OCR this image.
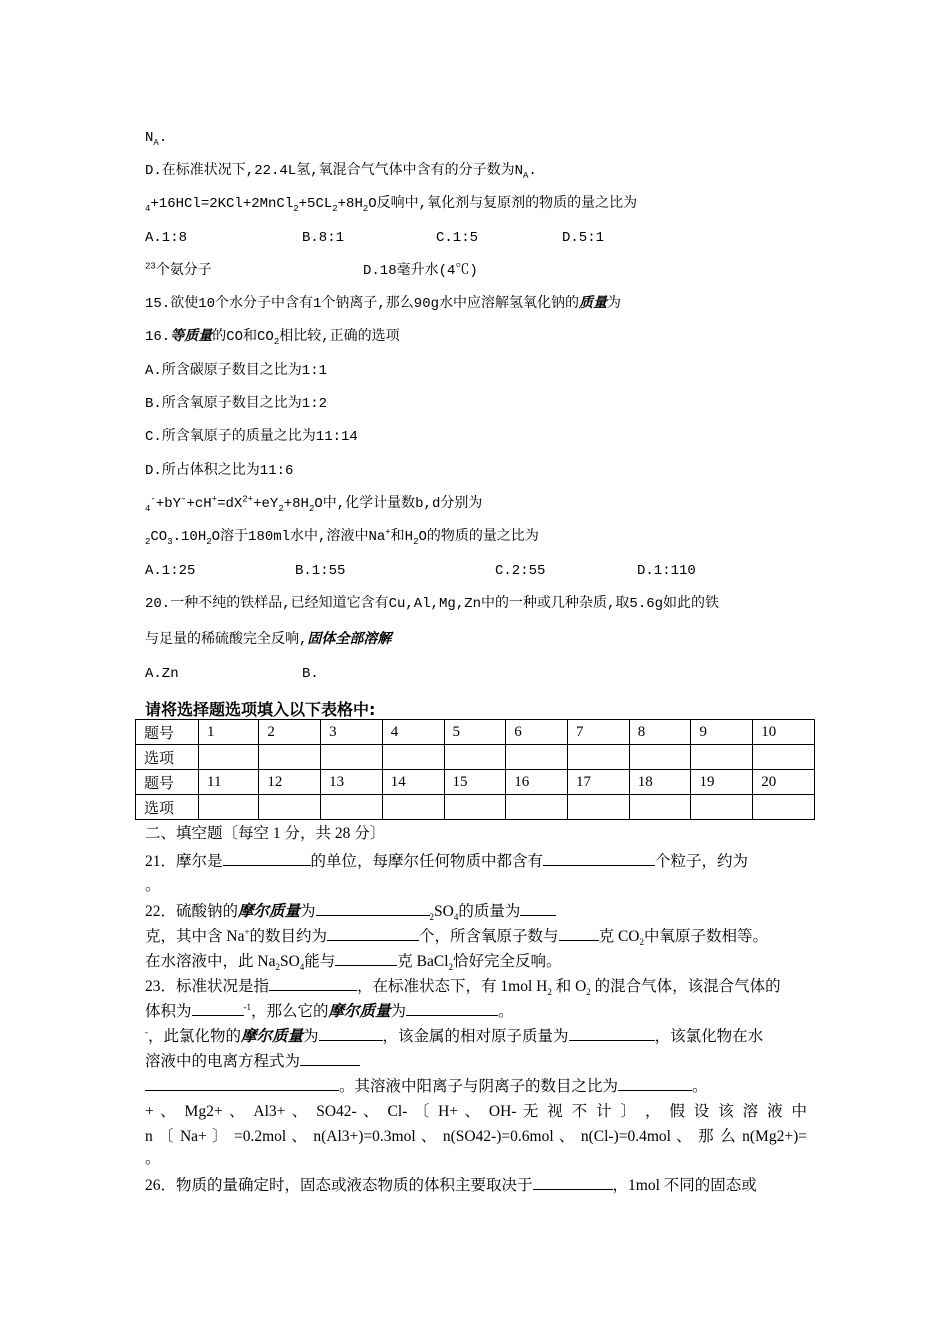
$N_A$.
D.在标准状况下,22.4L氢,氧混合气气体中含有的分子数为$N_A$.
$_4+16HCl=2KCl+2MnCl_2+5CL_2+8H_2O$反响中,氧化剂与复原剂的物质的量之比为
A.1:8	B.8:1	C.1:5	D.5:1
$^{23}$个氨分子	D.18毫升水(4℃)
15.欲使10个水分子中含有1个钠离子,那么90g水中应溶解氢氧化钠的质量为
16.等质量的CO和$CO_2$相比较,正确的选项
A.所含碳原子数目之比为1:1
B.所含氧原子数目之比为1:2
C.所含氧原子的质量之比为11:14
D.所占体积之比为11:6
$_4^-+bY^-+cH^+=dX^{2+}+eY_2+8H_2O$中,化学计量数b,d分别为
$_2CO_3.10H_2O$溶于180ml水中,溶液中Na+和$H_2O$的物质的量之比为
A.1:25	B.1:55	C.2:55	D.1:110
20.一种不纯的铁样品,已经知道它含有Cu,Al,Mg,Zn中的一种或几种杂质,取5.6g如此的铁
与足量的稀硫酸完全反响,固体全部溶解
A.Zn	B.
请将选择题选项填入以下表格中:
题号	1	2	3	4	5	6	7	8	9	10
选项										
题号	11	12	13	14	15	16	17	18	19	20
选项										
二、填空题〔每空 1 分，共 28 分〕
21．摩尔是	的单位，每摩尔任何物质中都含有	个粒子，约为
。
22．硫酸钠的摩尔质量为	$_2SO_4$的质量为
克，其中含 Na+的数目约为	个，所含氧原子数与	克 $CO_2$中氧原子数相等。
在水溶液中，此 $Na_2SO_4$能与	克 BaCl$_2$恰好完全反响。
23．标准状况是指	，在标准状态下，有 1mol $H_2$ 和 $O_2$ 的混合气体，该混合气体的
体积为	$^{-1}$，那么它的摩尔质量为	。
-，此氯化物的摩尔质量为	，该金属的相对原子质量为	，该氯化物在水
溶液中的电离方程式为
。其溶液中阳离子与阴离子的数目之比为	。
+ 、 Mg2+ 、 Al3+ 、 SO42- 、 Cl- 〔 H+ 、 OH- 无 视 不 计 〕 ， 假 设 该 溶 液 中
n 〔 Na+ 〕 =0.2mol 、 n(Al3+)=0.3mol 、 n(SO42-)=0.6mol 、 n(Cl-)=0.4mol 、 那 么 n(Mg2+)=
。
26．物质的量确定时，固态或液态物质的体积主要取决于	，1mol 不同的固态或
